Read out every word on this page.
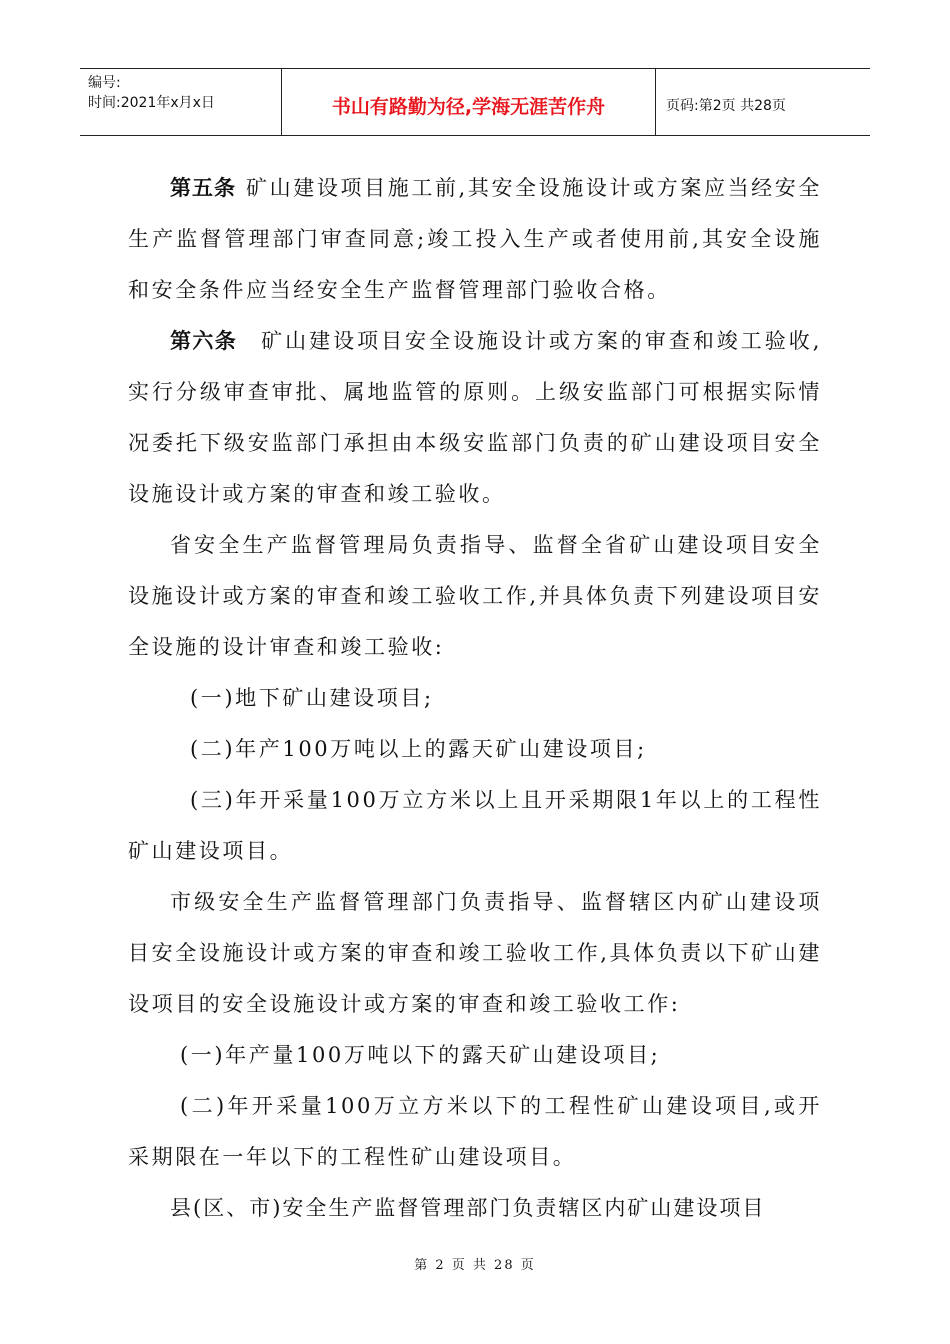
编号:
时间:2021年x月x日	书山有路勤为径,学海无涯苦作舟	页码:第2页 共28页

第五条 矿山建设项目施工前,其安全设施设计或方案应当经安全生产监督管理部门审查同意;竣工投入生产或者使用前,其安全设施和安全条件应当经安全生产监督管理部门验收合格。

第六条 矿山建设项目安全设施设计或方案的审查和竣工验收,实行分级审查审批、属地监管的原则。上级安监部门可根据实际情况委托下级安监部门承担由本级安监部门负责的矿山建设项目安全设施设计或方案的审查和竣工验收。

省安全生产监督管理局负责指导、监督全省矿山建设项目安全设施设计或方案的审查和竣工验收工作,并具体负责下列建设项目安全设施的设计审查和竣工验收:

(一)地下矿山建设项目;

(二)年产100万吨以上的露天矿山建设项目;

(三)年开采量100万立方米以上且开采期限1年以上的工程性矿山建设项目。

市级安全生产监督管理部门负责指导、监督辖区内矿山建设项目安全设施设计或方案的审查和竣工验收工作,具体负责以下矿山建设项目的安全设施设计或方案的审查和竣工验收工作:

(一)年产量100万吨以下的露天矿山建设项目;

(二)年开采量100万立方米以下的工程性矿山建设项目,或开采期限在一年以下的工程性矿山建设项目。

县(区、市)安全生产监督管理部门负责辖区内矿山建设项目

第 2 页 共 28 页
